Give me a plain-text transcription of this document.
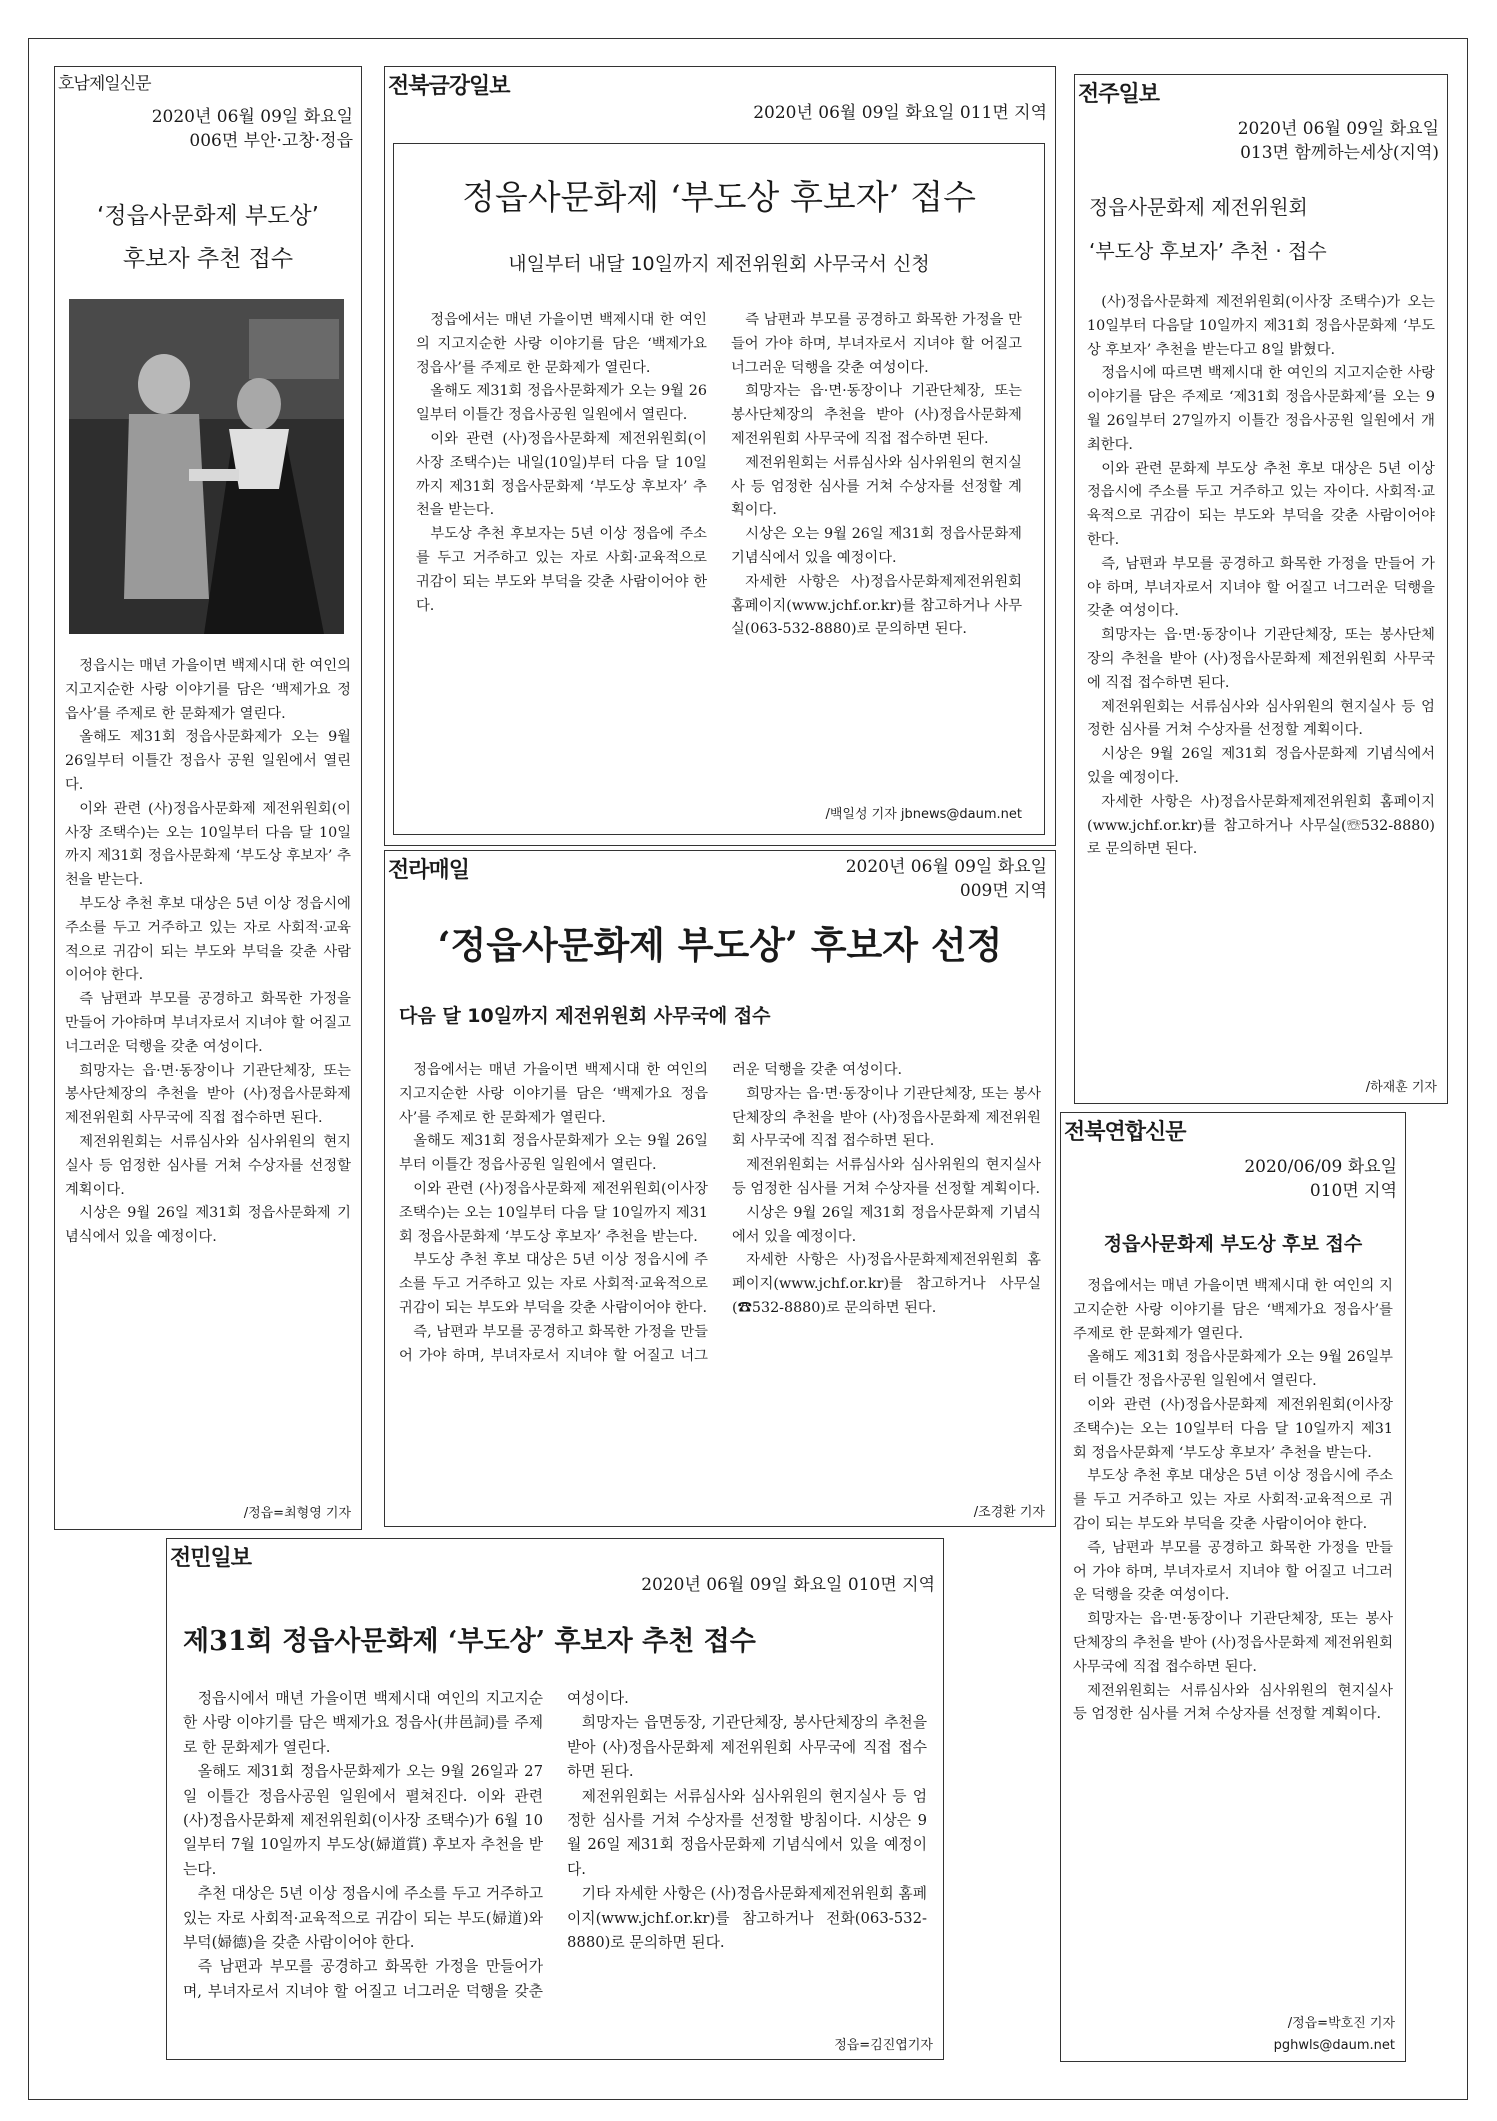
호남제일신문
2020년 06월 09일 화요일
006면 부안·고창·정읍
‘정읍사문화제 부도상’
후보자 추천 접수

정읍시는 매년 가을이면 백제시대 한 여인의 지고지순한 사랑 이야기를 담은 ‘백제가요 정읍사’를 주제로 한 문화제가 열린다.

올해도 제31회 정읍사문화제가 오는 9월 26일부터 이틀간 정읍사 공원 일원에서 열린다.

이와 관련 (사)정읍사문화제 제전위원회(이사장 조택수)는 오는 10일부터 다음 달 10일까지 제31회 정읍사문화제 ‘부도상 후보자’ 추천을 받는다.

부도상 추천 후보 대상은 5년 이상 정읍시에 주소를 두고 거주하고 있는 자로 사회적·교육적으로 귀감이 되는 부도와 부덕을 갖춘 사람이어야 한다.

즉 남편과 부모를 공경하고 화목한 가정을 만들어 가야하며 부녀자로서 지녀야 할 어질고 너그러운 덕행을 갖춘 여성이다.

희망자는 읍·면·동장이나 기관단체장, 또는 봉사단체장의 추천을 받아 (사)정읍사문화제 제전위원회 사무국에 직접 접수하면 된다.

제전위원회는 서류심사와 심사위원의 현지실사 등 엄정한 심사를 거쳐 수상자를 선정할 계획이다.

시상은 9월 26일 제31회 정읍사문화제 기념식에서 있을 예정이다.

/정읍=최형영 기자
전북금강일보
2020년 06월 09일 화요일 011면 지역
정읍사문화제 ‘부도상 후보자’ 접수
내일부터 내달 10일까지 제전위원회 사무국서 신청

정읍에서는 매년 가을이면 백제시대 한 여인의 지고지순한 사랑 이야기를 담은 ‘백제가요 정읍사’를 주제로 한 문화제가 열린다.

올해도 제31회 정읍사문화제가 오는 9월 26일부터 이틀간 정읍사공원 일원에서 열린다.

이와 관련 (사)정읍사문화제 제전위원회(이사장 조택수)는 내일(10일)부터 다음 달 10일까지 제31회 정읍사문화제 ‘부도상 후보자’ 추천을 받는다.

부도상 추천 후보자는 5년 이상 정읍에 주소를 두고 거주하고 있는 자로 사회·교육적으로 귀감이 되는 부도와 부덕을 갖춘 사람이어야 한다.

즉 남편과 부모를 공경하고 화목한 가정을 만들어 가야 하며, 부녀자로서 지녀야 할 어질고 너그러운 덕행을 갖춘 여성이다.

희망자는 읍·면·동장이나 기관단체장, 또는 봉사단체장의 추천을 받아 (사)정읍사문화제 제전위원회 사무국에 직접 접수하면 된다.

제전위원회는 서류심사와 심사위원의 현지실사 등 엄정한 심사를 거쳐 수상자를 선정할 계획이다.

시상은 오는 9월 26일 제31회 정읍사문화제 기념식에서 있을 예정이다.

자세한 사항은 사)정읍사문화제제전위원회 홈페이지(www.jchf.or.kr)를 참고하거나 사무실(063-532-8880)로 문의하면 된다.

/백일성 기자 jbnews@daum.net
전주일보
2020년 06월 09일 화요일
013면 함께하는세상(지역)
정읍사문화제 제전위원회
‘부도상 후보자’ 추천 · 접수

(사)정읍사문화제 제전위원회(이사장 조택수)가 오는 10일부터 다음달 10일까지 제31회 정읍사문화제 ‘부도상 후보자’ 추천을 받는다고 8일 밝혔다.

정읍시에 따르면 백제시대 한 여인의 지고지순한 사랑 이야기를 담은 주제로 ‘제31회 정읍사문화제’를 오는 9월 26일부터 27일까지 이틀간 정읍사공원 일원에서 개최한다.

이와 관련 문화제 부도상 추천 후보 대상은 5년 이상 정읍시에 주소를 두고 거주하고 있는 자이다. 사회적·교육적으로 귀감이 되는 부도와 부덕을 갖춘 사람이어야 한다.

즉, 남편과 부모를 공경하고 화목한 가정을 만들어 가야 하며, 부녀자로서 지녀야 할 어질고 너그러운 덕행을 갖춘 여성이다.

희망자는 읍·면·동장이나 기관단체장, 또는 봉사단체장의 추천을 받아 (사)정읍사문화제 제전위원회 사무국에 직접 접수하면 된다.

제전위원회는 서류심사와 심사위원의 현지실사 등 엄정한 심사를 거쳐 수상자를 선정할 계획이다.

시상은 9월 26일 제31회 정읍사문화제 기념식에서 있을 예정이다.

자세한 사항은 사)정읍사문화제제전위원회 홈페이지(www.jchf.or.kr)를 참고하거나 사무실(☏532-8880)로 문의하면 된다.

/하재훈 기자
전라매일	2020년 06월 09일 화요일
009면 지역
‘정읍사문화제 부도상’ 후보자 선정
다음 달 10일까지 제전위원회 사무국에 접수

정읍에서는 매년 가을이면 백제시대 한 여인의 지고지순한 사랑 이야기를 담은 ‘백제가요 정읍사’를 주제로 한 문화제가 열린다.

올해도 제31회 정읍사문화제가 오는 9월 26일부터 이틀간 정읍사공원 일원에서 열린다.

이와 관련 (사)정읍사문화제 제전위원회(이사장 조택수)는 오는 10일부터 다음 달 10일까지 제31회 정읍사문화제 ‘부도상 후보자’ 추천을 받는다.

부도상 추천 후보 대상은 5년 이상 정읍시에 주소를 두고 거주하고 있는 자로 사회적·교육적으로 귀감이 되는 부도와 부덕을 갖춘 사람이어야 한다.

즉, 남편과 부모를 공경하고 화목한 가정을 만들어 가야 하며, 부녀자로서 지녀야 할 어질고 너그러운 덕행을 갖춘 여성이다.

희망자는 읍·면·동장이나 기관단체장, 또는 봉사단체장의 추천을 받아 (사)정읍사문화제 제전위원회 사무국에 직접 접수하면 된다.

제전위원회는 서류심사와 심사위원의 현지실사 등 엄정한 심사를 거쳐 수상자를 선정할 계획이다.

시상은 9월 26일 제31회 정읍사문화제 기념식에서 있을 예정이다.

자세한 사항은 사)정읍사문화제제전위원회 홈페이지(www.jchf.or.kr)를 참고하거나 사무실(☎532-8880)로 문의하면 된다.

/조경환 기자
전북연합신문
2020/06/09 화요일
010면 지역
정읍사문화제 부도상 후보 접수

정읍에서는 매년 가을이면 백제시대 한 여인의 지고지순한 사랑 이야기를 담은 ‘백제가요 정읍사’를 주제로 한 문화제가 열린다.

올해도 제31회 정읍사문화제가 오는 9월 26일부터 이틀간 정읍사공원 일원에서 열린다.

이와 관련 (사)정읍사문화제 제전위원회(이사장 조택수)는 오는 10일부터 다음 달 10일까지 제31회 정읍사문화제 ‘부도상 후보자’ 추천을 받는다.

부도상 추천 후보 대상은 5년 이상 정읍시에 주소를 두고 거주하고 있는 자로 사회적·교육적으로 귀감이 되는 부도와 부덕을 갖춘 사람이어야 한다.

즉, 남편과 부모를 공경하고 화목한 가정을 만들어 가야 하며, 부녀자로서 지녀야 할 어질고 너그러운 덕행을 갖춘 여성이다.

희망자는 읍·면·동장이나 기관단체장, 또는 봉사단체장의 추천을 받아 (사)정읍사문화제 제전위원회 사무국에 직접 접수하면 된다.

제전위원회는 서류심사와 심사위원의 현지실사 등 엄정한 심사를 거쳐 수상자를 선정할 계획이다.

/정읍=박호진 기자
pghwls@daum.net
전민일보
2020년 06월 09일 화요일 010면 지역
제31회 정읍사문화제 ‘부도상’ 후보자 추천 접수

정읍시에서 매년 가을이면 백제시대 여인의 지고지순한 사랑 이야기를 담은 백제가요 정읍사(井邑詞)를 주제로 한 문화제가 열린다.

올해도 제31회 정읍사문화제가 오는 9월 26일과 27일 이틀간 정읍사공원 일원에서 펼쳐진다. 이와 관련 (사)정읍사문화제 제전위원회(이사장 조택수)가 6월 10일부터 7월 10일까지 부도상(婦道賞) 후보자 추천을 받는다.

추천 대상은 5년 이상 정읍시에 주소를 두고 거주하고 있는 자로 사회적·교육적으로 귀감이 되는 부도(婦道)와 부덕(婦德)을 갖춘 사람이어야 한다.

즉 남편과 부모를 공경하고 화목한 가정을 만들어가며, 부녀자로서 지녀야 할 어질고 너그러운 덕행을 갖춘 여성이다.

희망자는 읍면동장, 기관단체장, 봉사단체장의 추천을 받아 (사)정읍사문화제 제전위원회 사무국에 직접 접수하면 된다.

제전위원회는 서류심사와 심사위원의 현지실사 등 엄정한 심사를 거쳐 수상자를 선정할 방침이다. 시상은 9월 26일 제31회 정읍사문화제 기념식에서 있을 예정이다.

기타 자세한 사항은 (사)정읍사문화제제전위원회 홈페이지(www.jchf.or.kr)를 참고하거나 전화(063-532-8880)로 문의하면 된다.

정읍=김진엽기자
